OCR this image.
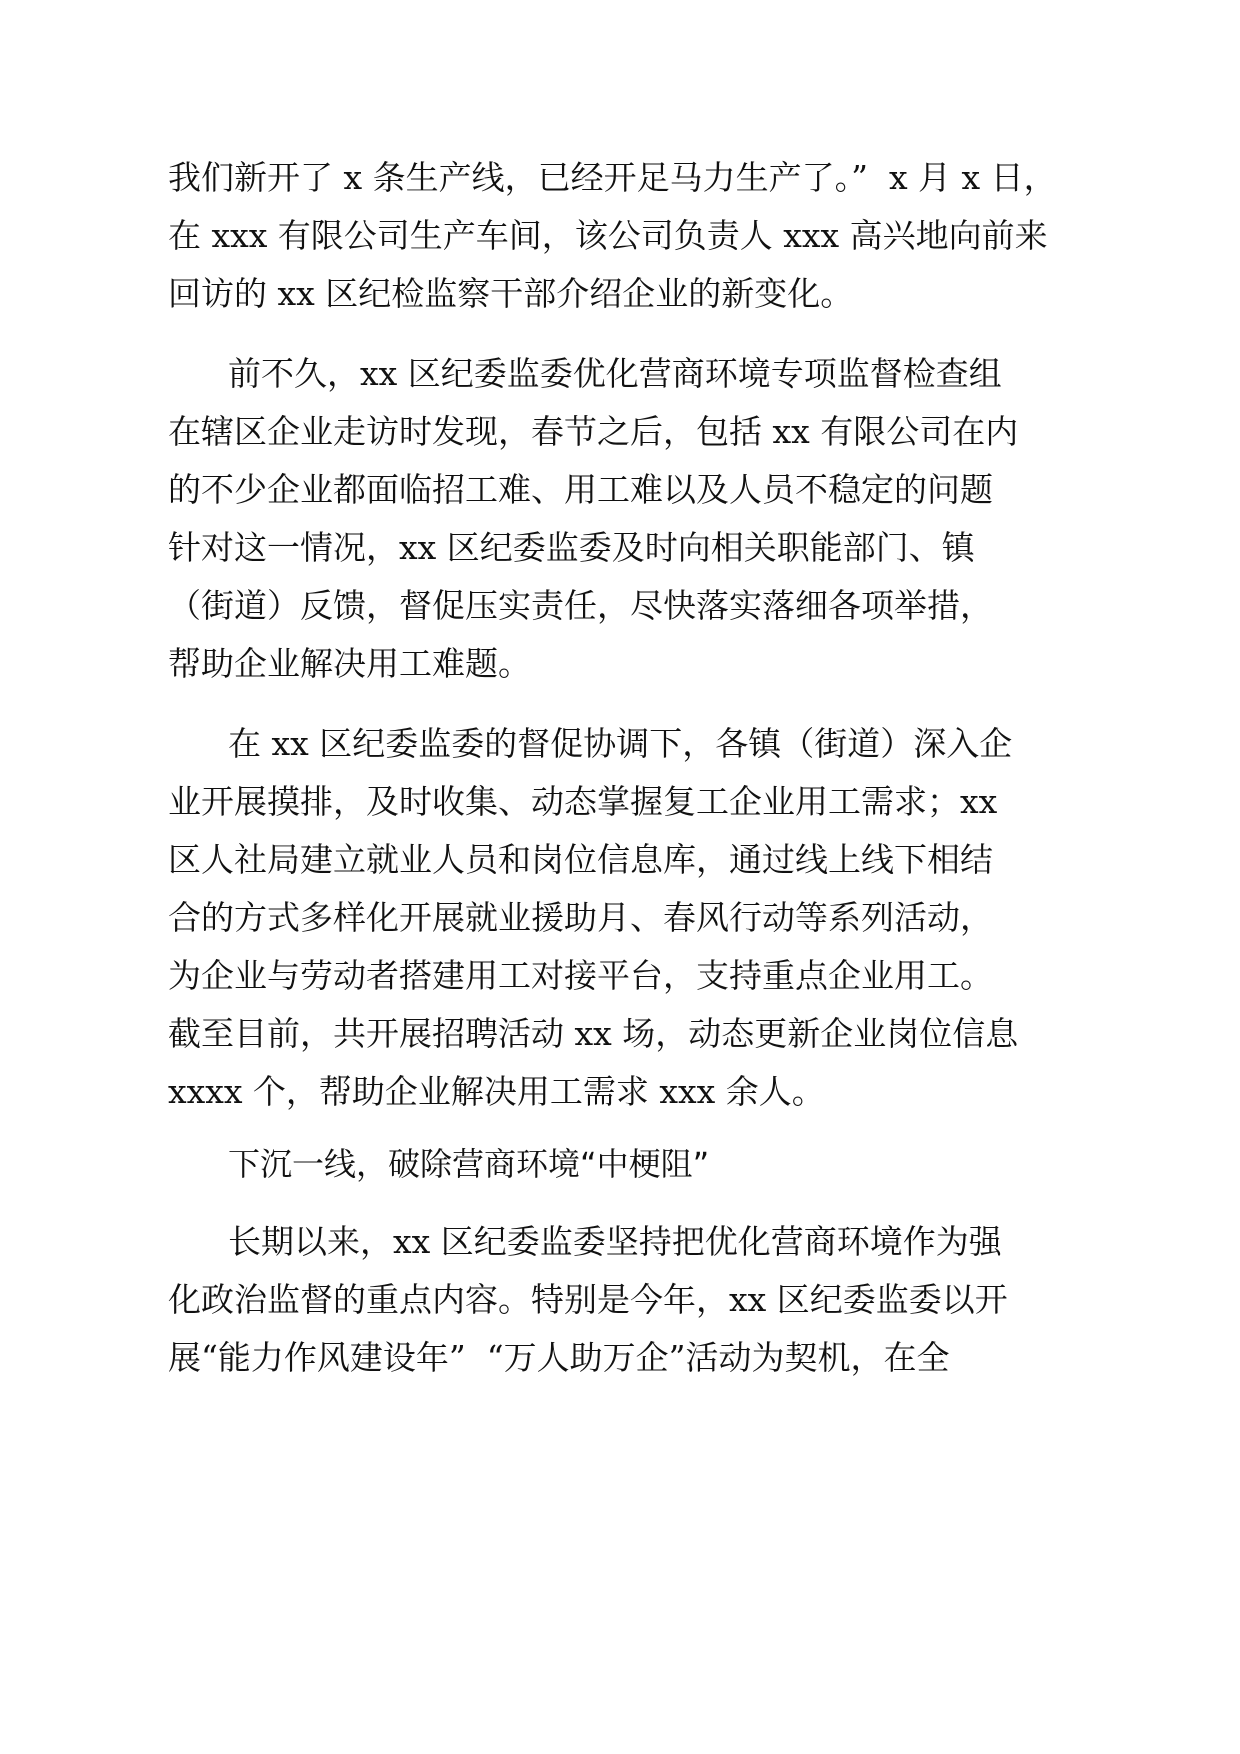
我们新开了 x 条生产线，已经开足马力生产了。”  x 月 x 日，
在 xxx 有限公司生产车间，该公司负责人 xxx 高兴地向前来
回访的 xx 区纪检监察干部介绍企业的新变化。
前不久，xx 区纪委监委优化营商环境专项监督检查组
在辖区企业走访时发现，春节之后，包括 xx 有限公司在内
的不少企业都面临招工难、用工难以及人员不稳定的问题
针对这一情况，xx 区纪委监委及时向相关职能部门、镇
（街道）反馈，督促压实责任，尽快落实落细各项举措，
帮助企业解决用工难题。
在 xx 区纪委监委的督促协调下，各镇（街道）深入企
业开展摸排，及时收集、动态掌握复工企业用工需求；xx
区人社局建立就业人员和岗位信息库，通过线上线下相结
合的方式多样化开展就业援助月、春风行动等系列活动，
为企业与劳动者搭建用工对接平台，支持重点企业用工。
截至目前，共开展招聘活动 xx 场，动态更新企业岗位信息
xxxx 个，帮助企业解决用工需求 xxx 余人。
下沉一线，破除营商环境“中梗阻”
长期以来，xx 区纪委监委坚持把优化营商环境作为强
化政治监督的重点内容。特别是今年，xx 区纪委监委以开
展“能力作风建设年”  “万人助万企”活动为契机，在全
